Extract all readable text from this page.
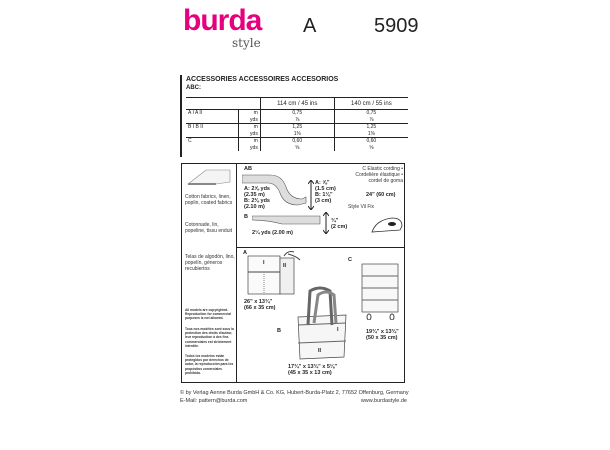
burda
style
A	5909
ACCESSORIES ACCESSOIRES ACCESORIOS
ABC:
		114 cm / 45 ins	140 cm / 55 ins
A I A II	m	0,75	0,75
	yds	⅞	⅞
B I B II	m	1,25	1,25
	yds	1⅜	1⅜
C	m	0,60	0,60
	yds	⅝	⅝
Cotton fabrics, linen, poplin, coated fabrics
Cotonnade, lin, popeline, tissu enduit
Telas de algodón, lino, popelín, géneros recubiertos
All models are copyrighted. Reproduction for commercial purposes is not allowed.
Tous nos modèles sont sous la protection des droits d'auteur, leur reproduction à des fins commerciales est strictement interdite.
Todos los modelos están protegidos por derechos de autor, la reproducción para los propósitos comerciales prohibida.
AB
A: 2⅝ yds
(2.35 m)
B: 2⅜ yds
(2.10 m)
A: ⅝"
(1.5 cm)
B: 1⅛"
(3 cm)
B
2¼ yds (2.00 m)
¾"
(2 cm)
C Elastic cording • Cordelière élastique • cordel de goma
24" (60 cm)
Style Vil Fix
A
I	II
26" x 13¾"
(66 x 35 cm)
C
19¾" x 13¾"
(50 x 35 cm)
B	I
II
17¾" x 13¾" x 5⅛"
(45 x 35 x 13 cm)
© by Verlag Aenne Burda GmbH & Co. KG, Hubert-Burda-Platz 2, 77652 Offenburg, Germany
E-Mail: pattern@burda.com	www.burdastyle.de
